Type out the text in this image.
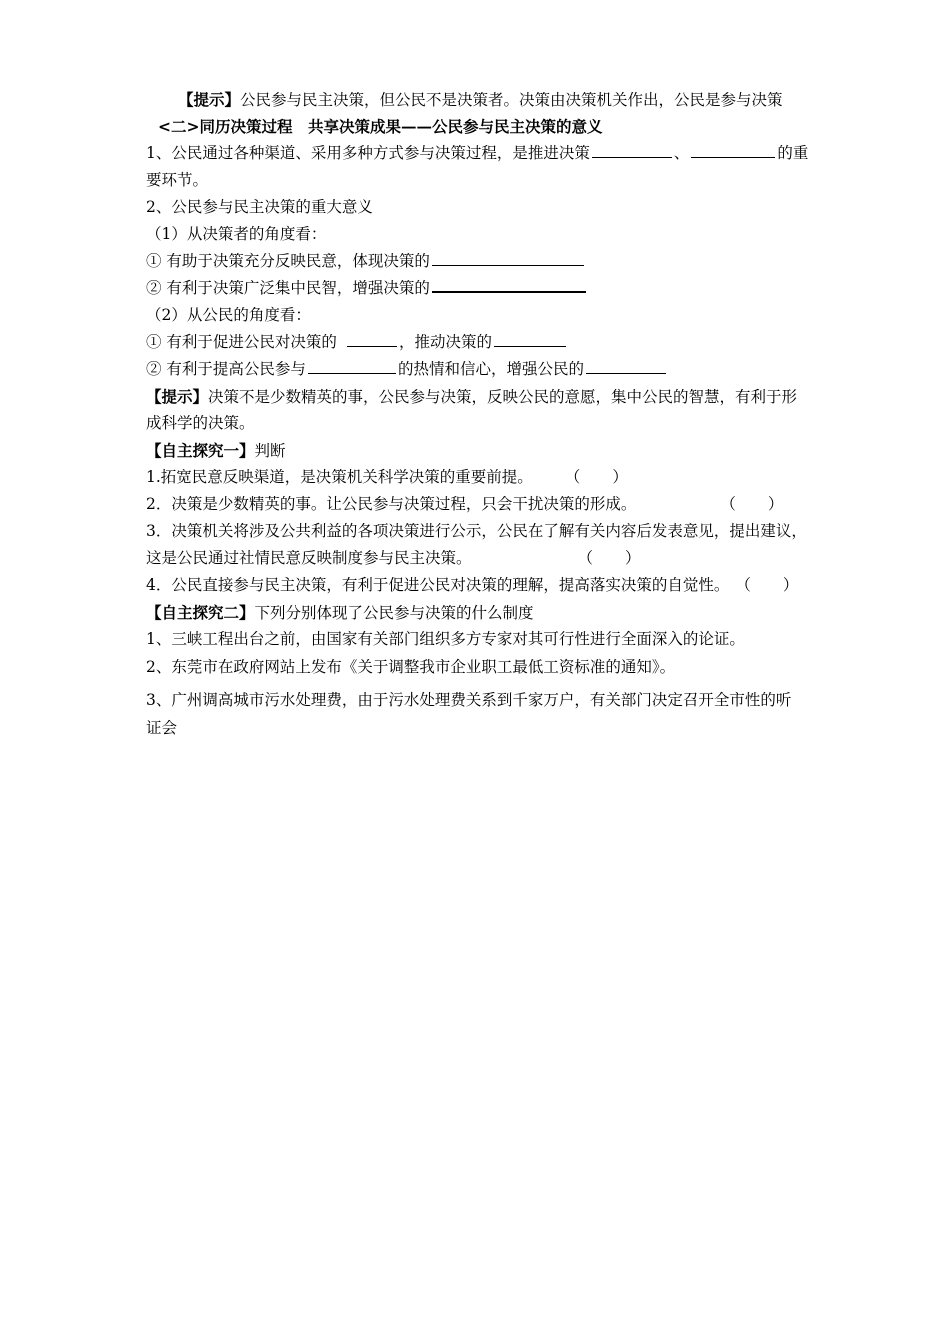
【提示】公民参与民主决策，但公民不是决策者。决策由决策机关作出，公民是参与决策
<二>同历决策过程　共享决策成果——公民参与民主决策的意义
1、公民通过各种渠道、采用多种方式参与决策过程，是推进决策	、	的重
要环节。
2、公民参与民主决策的重大意义
（1）从决策者的角度看：
① 有助于决策充分反映民意，体现决策的
② 有利于决策广泛集中民智，增强决策的
（2）从公民的角度看：
① 有利于促进公民对决策的	，推动决策的
② 有利于提高公民参与	的热情和信心，增强公民的
【提示】决策不是少数精英的事，公民参与决策，反映公民的意愿，集中公民的智慧，有利于形
成科学的决策。
【自主探究一】判断
1.拓宽民意反映渠道，是决策机关科学决策的重要前提。 （ ）
2．决策是少数精英的事。让公民参与决策过程，只会干扰决策的形成。	（ ）
3．决策机关将涉及公共利益的各项决策进行公示，公民在了解有关内容后发表意见，提出建议，
这是公民通过社情民意反映制度参与民主决策。	（ ）
4．公民直接参与民主决策，有利于促进公民对决策的理解，提高落实决策的自觉性。 （ ）
【自主探究二】下列分别体现了公民参与决策的什么制度
1、三峡工程出台之前，由国家有关部门组织多方专家对其可行性进行全面深入的论证。
2、东莞市在政府网站上发布《关于调整我市企业职工最低工资标准的通知》。
3、广州调高城市污水处理费，由于污水处理费关系到千家万户，有关部门决定召开全市性的听
证会
